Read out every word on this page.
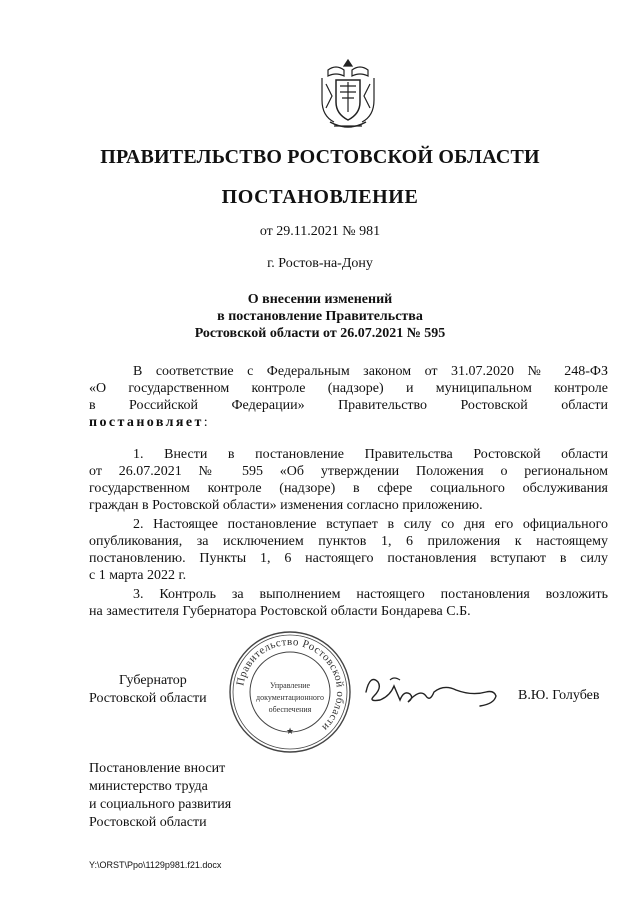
ПРАВИТЕЛЬСТВО РОСТОВСКОЙ ОБЛАСТИ
ПОСТАНОВЛЕНИЕ
от 29.11.2021 № 981
г. Ростов-на-Дону
О внесении изменений
в постановление Правительства
Ростовской области от 26.07.2021 № 595
В соответствие с Федеральным законом от 31.07.2020 № 248-ФЗ
«О государственном контроле (надзоре) и муниципальном контроле
в Российской Федерации» Правительство Ростовской области
постановляет:
1. Внести в постановление Правительства Ростовской области
от 26.07.2021 № 595 «Об утверждении Положения о региональном
государственном контроле (надзоре) в сфере социального обслуживания
граждан в Ростовской области» изменения согласно приложению.
2. Настоящее постановление вступает в силу со дня его официального
опубликования, за исключением пунктов 1, 6 приложения к настоящему
постановлению. Пункты 1, 6 настоящего постановления вступают в силу
с 1 марта 2022 г.
3. Контроль за выполнением настоящего постановления возложить
на заместителя Губернатора Ростовской области Бондарева С.Б.
Губернатор
Ростовской области
Правительство Ростовской области
Управление
документационного
обеспечения
★
В.Ю. Голубев
Постановление вносит
министерство труда
и социального развития
Ростовской области
Y:\ORST\Ppo\1129p981.f21.docx
